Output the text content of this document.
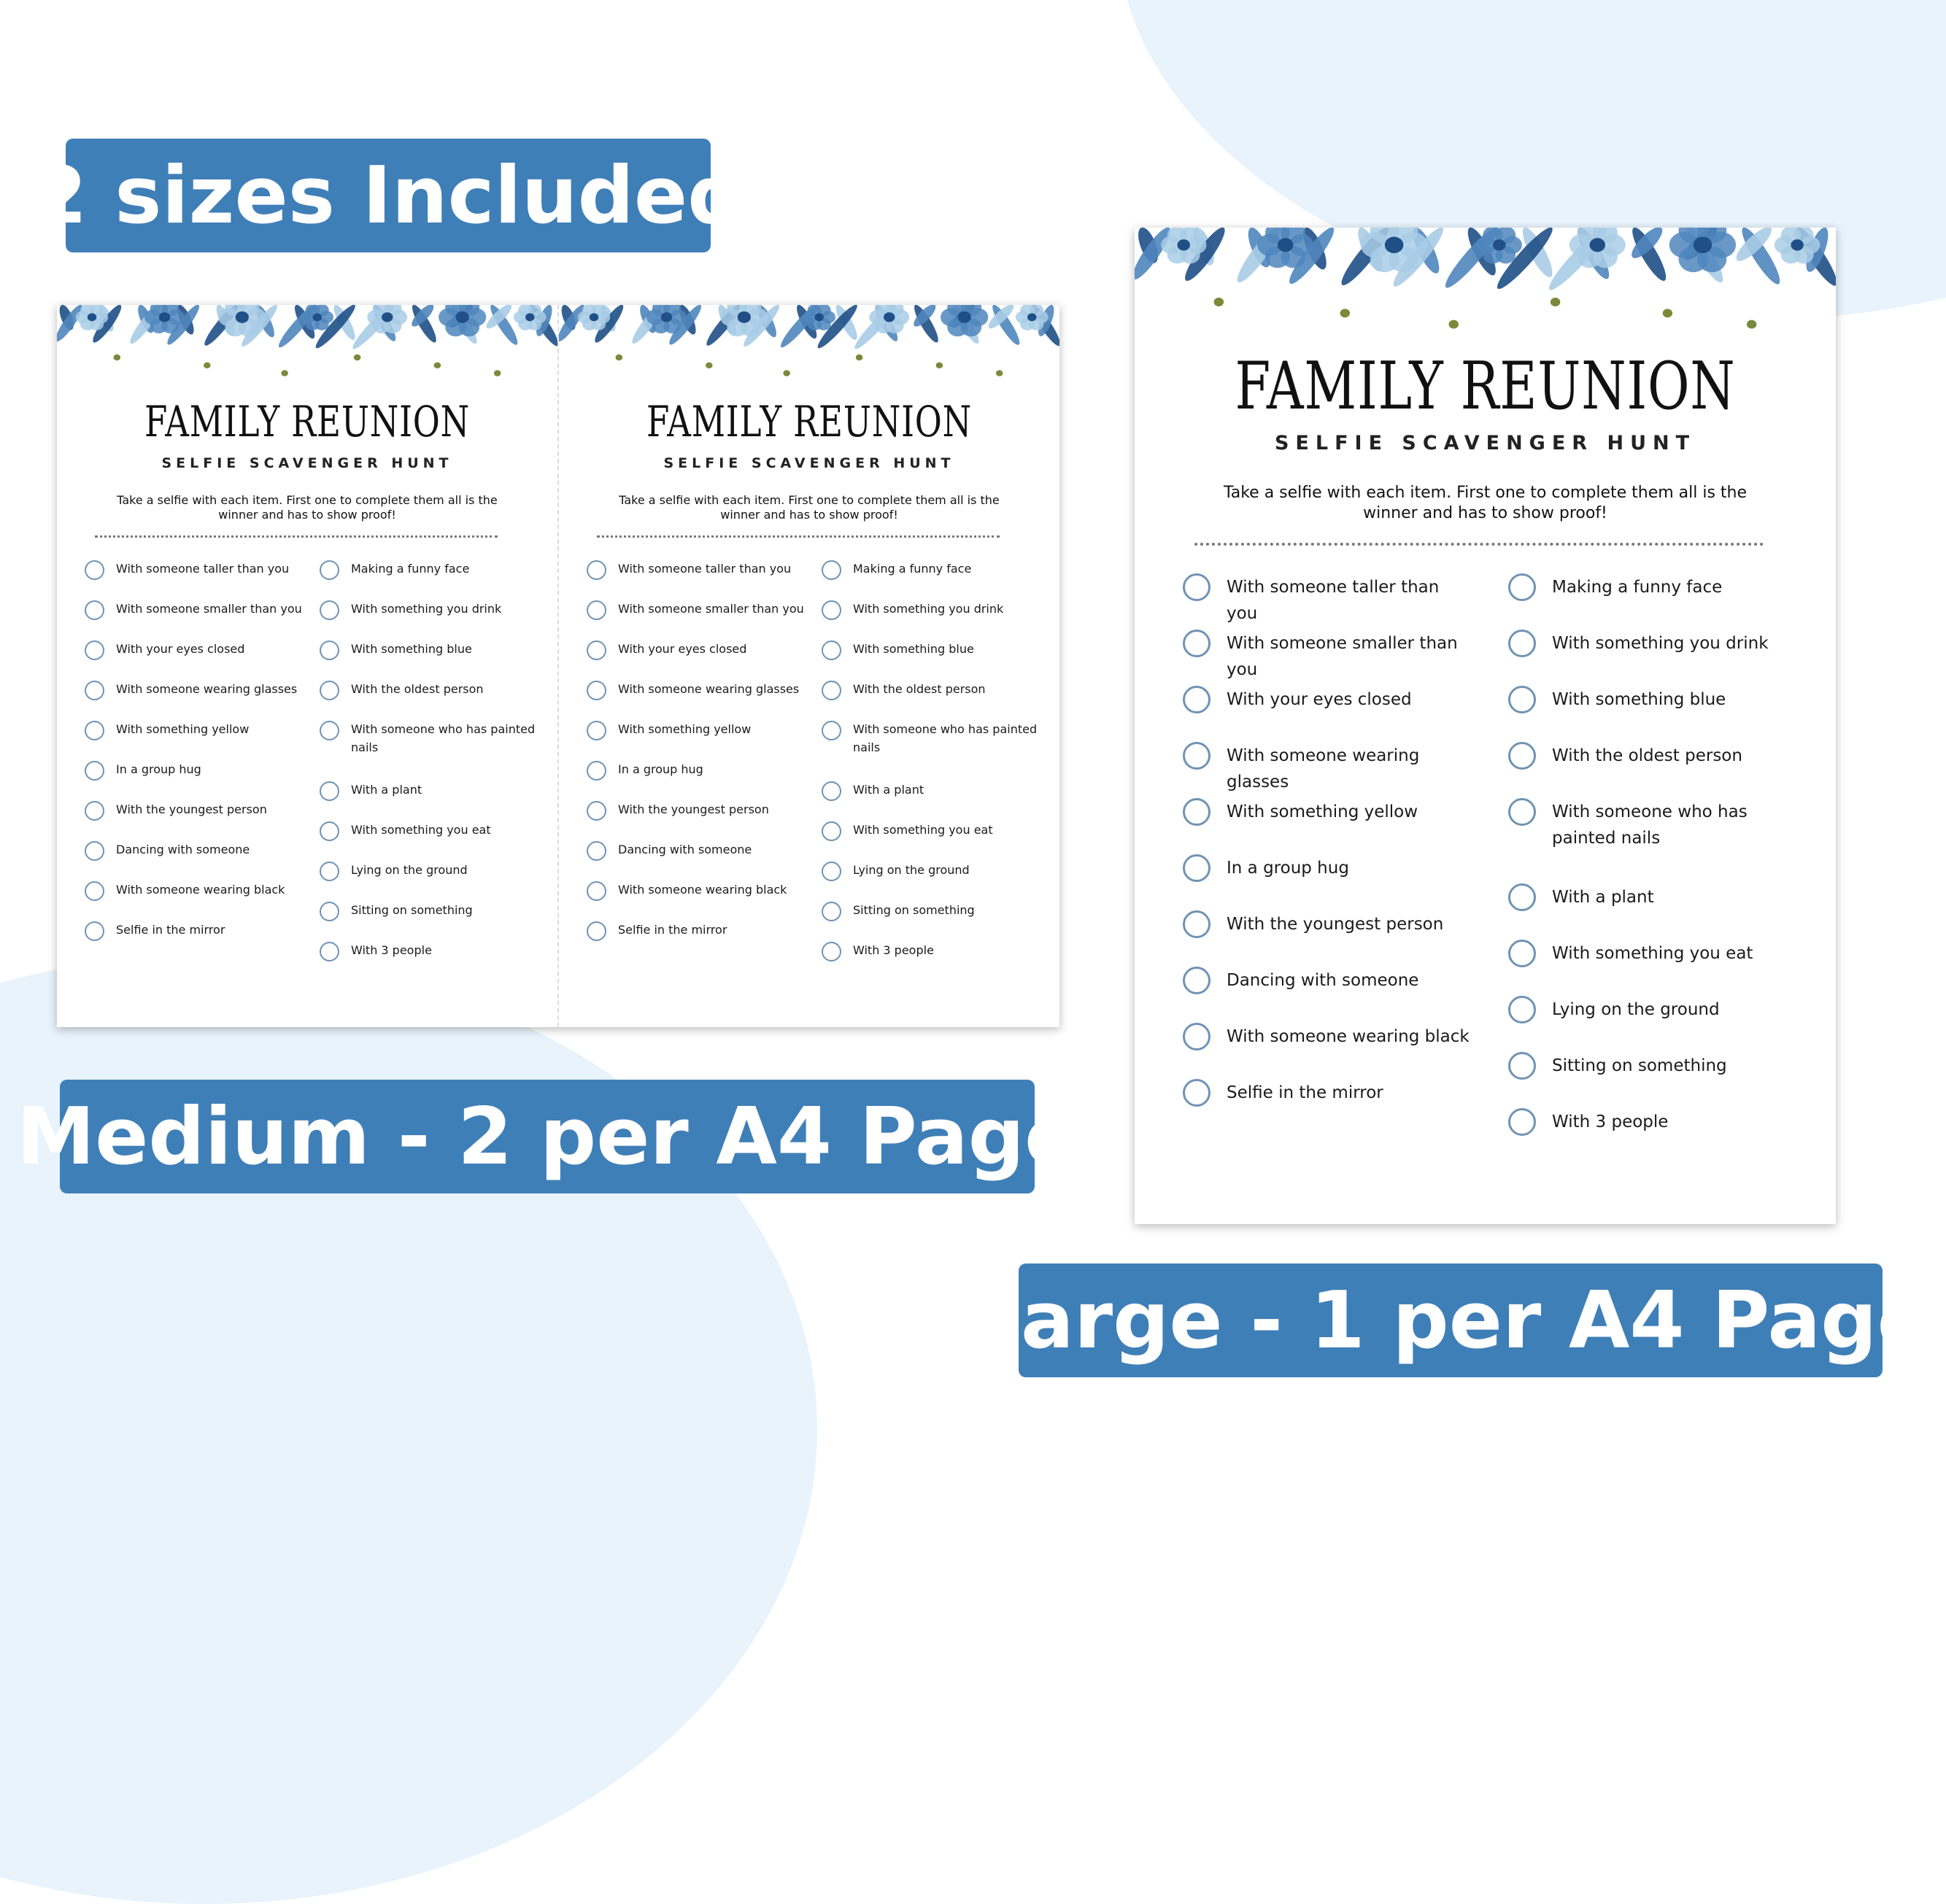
2 sizes Included
FAMILY REUNION
SELFIE SCAVENGER HUNT
Take a selfie with each item. First one to complete them all is the
winner and has to show proof!
With someone taller than you
With someone smaller than you
With your eyes closed
With someone wearing glasses
With something yellow
In a group hug
With the youngest person
Dancing with someone
With someone wearing black
Selfie in the mirror
Making a funny face
With something you drink
With something blue
With the oldest person
With someone who has painted nails
With a plant
With something you eat
Lying on the ground
Sitting on something
With 3 people
FAMILY REUNION
SELFIE SCAVENGER HUNT
Take a selfie with each item. First one to complete them all is the
winner and has to show proof!
With someone taller than you
With someone smaller than you
With your eyes closed
With someone wearing glasses
With something yellow
In a group hug
With the youngest person
Dancing with someone
With someone wearing black
Selfie in the mirror
Making a funny face
With something you drink
With something blue
With the oldest person
With someone who has painted nails
With a plant
With something you eat
Lying on the ground
Sitting on something
With 3 people
Medium - 2 per A4 Page
FAMILY REUNION
SELFIE SCAVENGER HUNT
Take a selfie with each item. First one to complete them all is the
winner and has to show proof!
With someone taller than you
With someone smaller than you
With your eyes closed
With someone wearing glasses
With something yellow
In a group hug
With the youngest person
Dancing with someone
With someone wearing black
Selfie in the mirror
Making a funny face
With something you drink
With something blue
With the oldest person
With someone who has painted nails
With a plant
With something you eat
Lying on the ground
Sitting on something
With 3 people
Large - 1 per A4 Page
